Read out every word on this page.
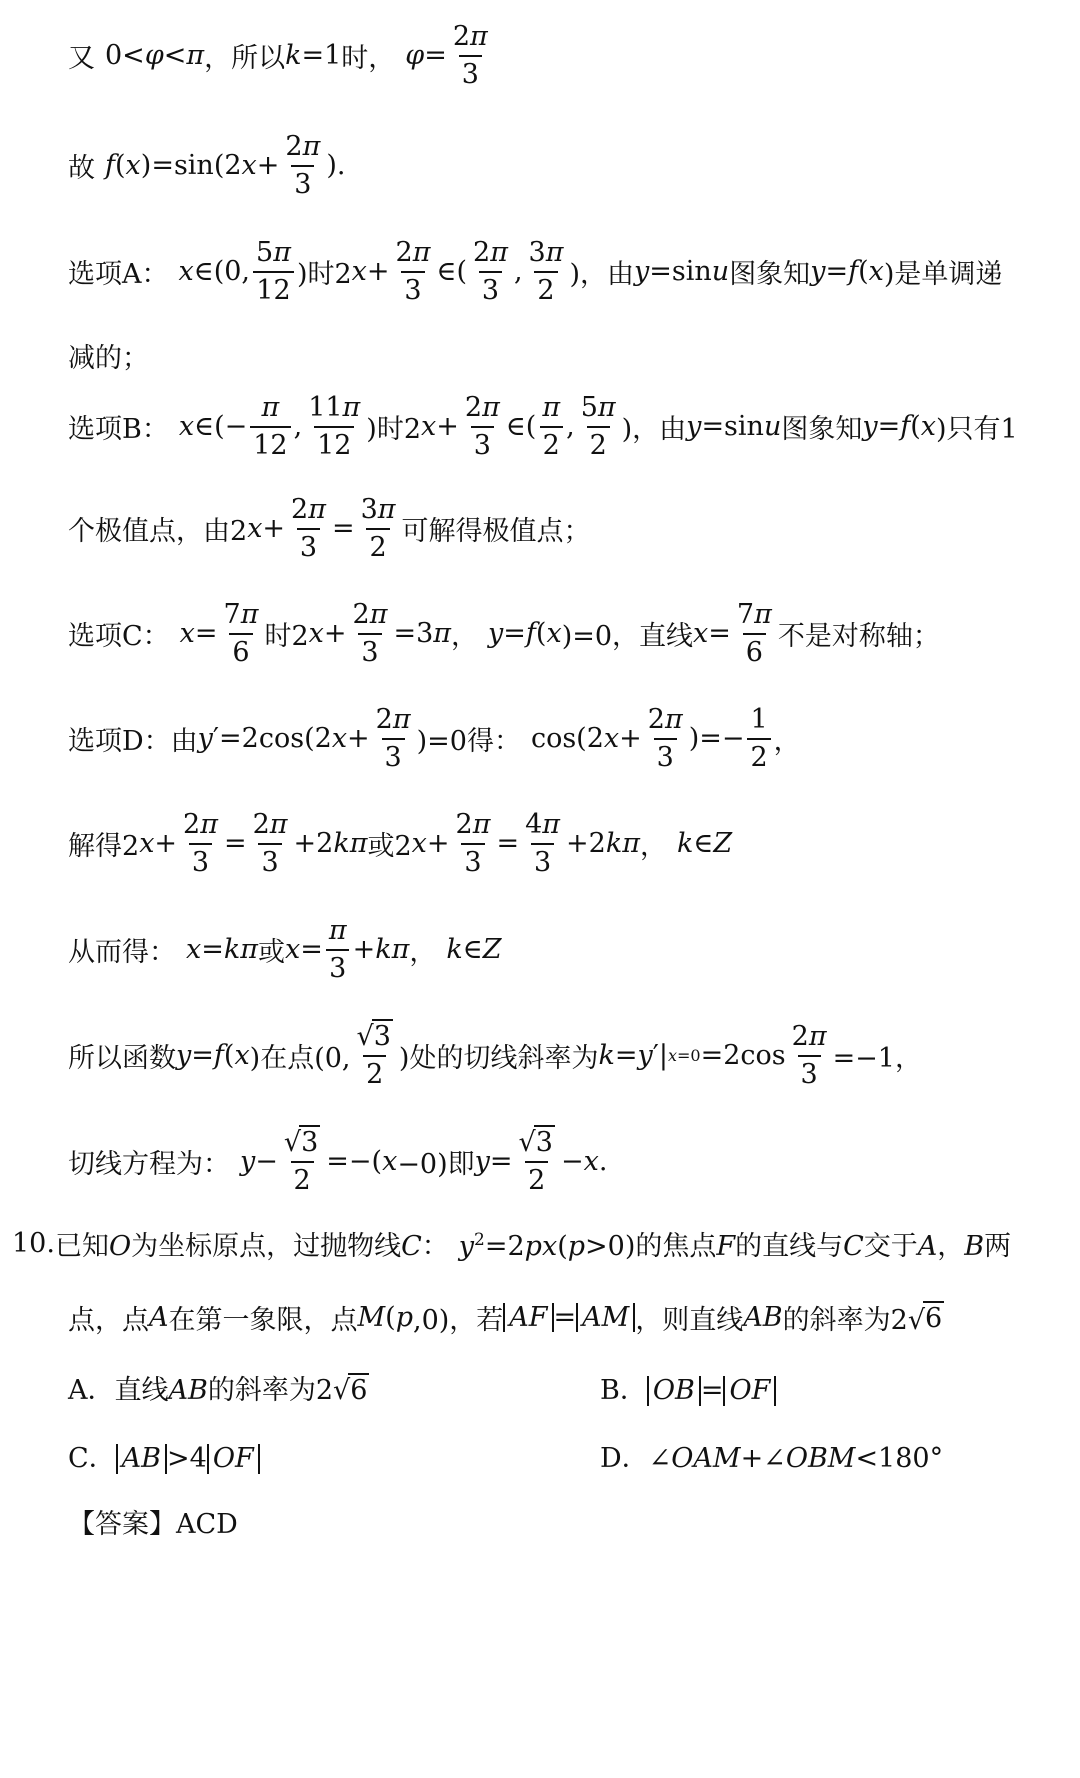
又 0< φ < π ，所以 k =1 时， $\varphi = \frac{2\pi}{3}$
故 f ( x )=sin(2 $x + \frac{2\pi}{3}$ ).
选项A： x ∈(0, $\frac{5\pi}{12}$ )时2 $x + \frac{2\pi}{3}$ ∈( $\frac{2\pi}{3}$ , $\frac{3\pi}{2}$ )，由 y =sin u 图象知 y = f ( x )是单调递
减的；
选项B： x ∈(− $\frac{\pi}{12}$ , $\frac{11\pi}{12}$ )时2 $x + \frac{2\pi}{3}$ ∈( $\frac{\pi}{2}$ , $\frac{5\pi}{2}$ )，由 y =sin u 图象知 y = f ( x )只有1
个极值点，由2 $x + \frac{2\pi}{3} = \frac{3\pi}{2}$ 可解得极值点；
选项C： $x = \frac{7\pi}{6}$ 时2 $x + \frac{2\pi}{3} =3$ π ， y = f ( x )=0，直线 $x = \frac{7\pi}{6}$ 不是对称轴；
选项D：由 y ′=2cos(2 $x + \frac{2\pi}{3} )=0$得： cos(2 $x + \frac{2\pi}{3}$ )=− $\frac{1}{2}$ ，
解得2 $x + \frac{2\pi}{3} = \frac{2\pi}{3} +2$ kπ 或2 $x + \frac{2\pi}{3} = \frac{4\pi}{3} +2$ kπ ， k ∈ Z
从而得： x = kπ 或 $x = \frac{\pi}{3} + k\pi$ ， k ∈ Z
所以函数 y = f ( x )在点(0, $\frac{√3}{2}$ )处的切线斜率为 k = y ′| $x=0 =2\cos \frac{2\pi}{3} =-1$，
切线方程为： $y - \frac{√3}{2}$ =−( x −0)即 $y = \frac{√3}{2} - x$ .
10. 已知O为坐标原点，过抛物线C： $y^2=2px(p>0)$的焦点F的直线与C交于A，B两
点，点 A 在第一象限，点 M ( p ,0)，若 AF = AM ，则直线 AB 的斜率为2√ 6
A．直线AB的斜率为2√6	B． OB = OF
C． AB >4 OF	D．∠OAM+∠OBM<180°
【答案】ACD
